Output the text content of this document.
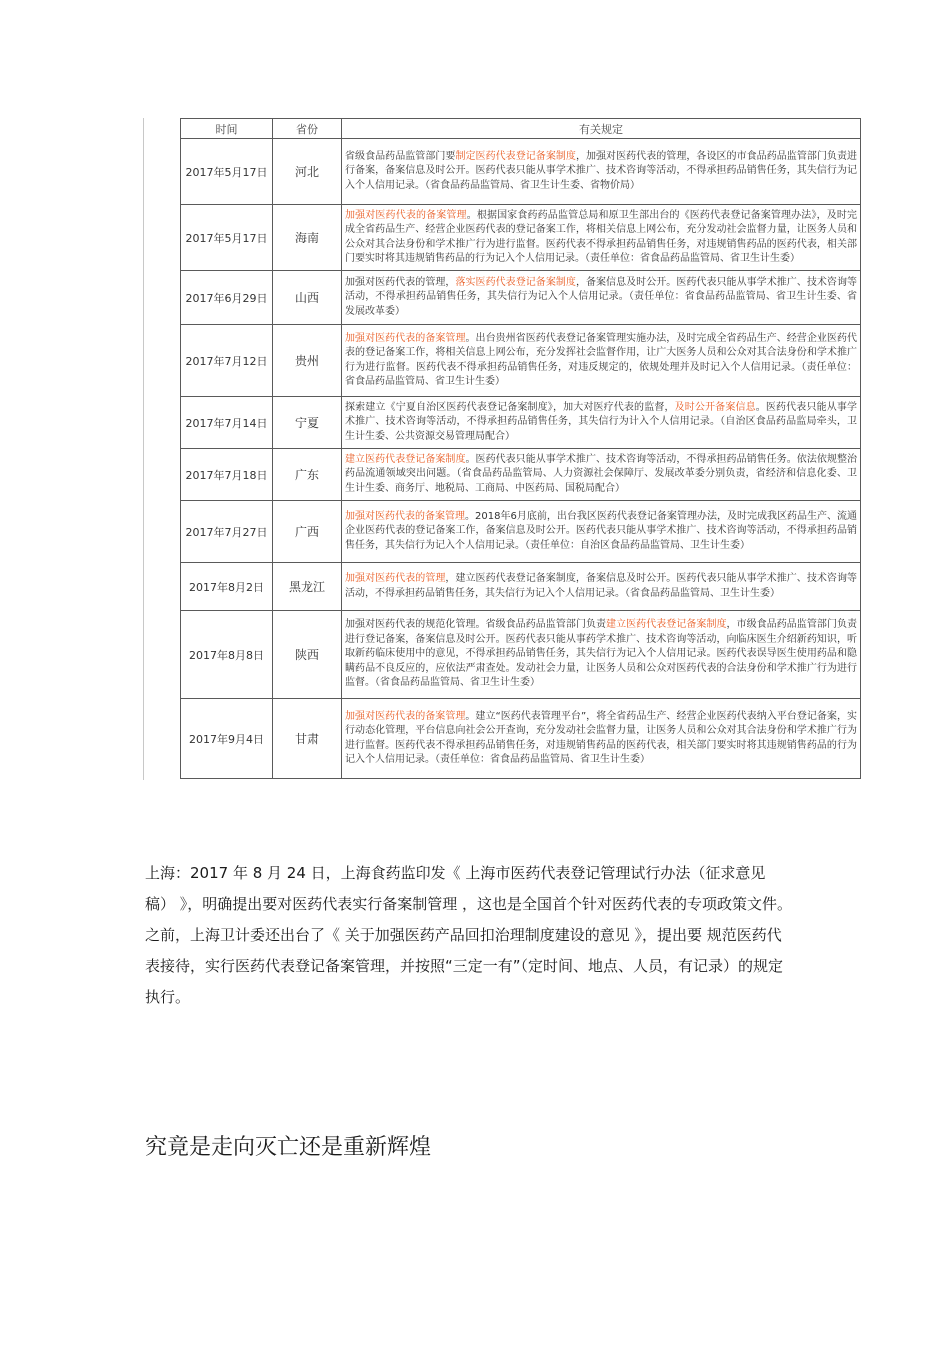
时间	省份	有关规定
2017年5月17日	河北	省级食品药品监管部门要制定医药代表登记备案制度，加强对医药代表的管理，各设区的市食品药品监管部门负责进行备案，备案信息及时公开。医药代表只能从事学术推广、技术咨询等活动，不得承担药品销售任务，其失信行为记入个人信用记录。（省食品药品监管局、省卫生计生委、省物价局）
2017年5月17日	海南	加强对医药代表的备案管理。根据国家食药药品监管总局和原卫生部出台的《医药代表登记备案管理办法》，及时完成全省药品生产、经营企业医药代表的登记备案工作，将相关信息上网公布，充分发动社会监督力量，让医务人员和公众对其合法身份和学术推广行为进行监督。医药代表不得承担药品销售任务，对违规销售药品的医药代表，相关部门要实时将其违规销售药品的行为记入个人信用记录。（责任单位：省食品药品监管局、省卫生计生委）
2017年6月29日	山西	加强对医药代表的管理，落实医药代表登记备案制度，备案信息及时公开。医药代表只能从事学术推广、技术咨询等活动，不得承担药品销售任务，其失信行为记入个人信用记录。（责任单位：省食品药品监管局、省卫生计生委、省发展改革委）
2017年7月12日	贵州	加强对医药代表的备案管理。出台贵州省医药代表登记备案管理实施办法，及时完成全省药品生产、经营企业医药代表的登记备案工作，将相关信息上网公布，充分发挥社会监督作用，让广大医务人员和公众对其合法身份和学术推广行为进行监督。医药代表不得承担药品销售任务，对违反规定的，依规处理并及时记入个人信用记录。（责任单位：省食品药品监管局、省卫生计生委）
2017年7月14日	宁夏	探索建立《宁夏自治区医药代表登记备案制度》，加大对医疗代表的监督，及时公开备案信息。医药代表只能从事学术推广、技术咨询等活动，不得承担药品销售任务，其失信行为计入个人信用记录。（自治区食品药品监局牵头，卫生计生委、公共资源交易管理局配合）
2017年7月18日	广东	建立医药代表登记备案制度。医药代表只能从事学术推广、技术咨询等活动，不得承担药品销售任务。依法依规整治药品流通领域突出问题。（省食品药品监管局、人力资源社会保障厅、发展改革委分别负责，省经济和信息化委、卫生计生委、商务厅、地税局、工商局、中医药局、国税局配合）
2017年7月27日	广西	加强对医药代表的备案管理。2018年6月底前，出台我区医药代表登记备案管理办法，及时完成我区药品生产、流通企业医药代表的登记备案工作，备案信息及时公开。医药代表只能从事学术推广、技术咨询等活动，不得承担药品销售任务，其失信行为记入个人信用记录。（责任单位：自治区食品药品监管局、卫生计生委）
2017年8月2日	黑龙江	加强对医药代表的管理，建立医药代表登记备案制度，备案信息及时公开。医药代表只能从事学术推广、技术咨询等活动，不得承担药品销售任务，其失信行为记入个人信用记录。（省食品药品监管局、卫生计生委）
2017年8月8日	陕西	加强对医药代表的规范化管理。省级食品药品监管部门负责建立医药代表登记备案制度，市级食品药品监管部门负责进行登记备案，备案信息及时公开。医药代表只能从事药学术推广、技术咨询等活动，向临床医生介绍新药知识，听取新药临床使用中的意见，不得承担药品销售任务，其失信行为记入个人信用记录。医药代表误导医生使用药品和隐瞒药品不良反应的，应依法严肃查处。发动社会力量，让医务人员和公众对医药代表的合法身份和学术推广行为进行监督。（省食品药品监管局、省卫生计生委）
2017年9月4日	甘肃	加强对医药代表的备案管理。建立“医药代表管理平台”，将全省药品生产、经营企业医药代表纳入平台登记备案，实行动态化管理，平台信息向社会公开查询，充分发动社会监督力量，让医务人员和公众对其合法身份和学术推广行为进行监督。医药代表不得承担药品销售任务，对违规销售药品的医药代表，相关部门要实时将其违规销售药品的行为记入个人信用记录。（责任单位：省食品药品监管局、省卫生计生委）
上海：2017 年 8 月 24 日，上海食药监印发《 上海市医药代表登记管理试行办法（征求意见稿） 》，明确提出要对医药代表实行备案制管理 ，这也是全国首个针对医药代表的专项政策文件。之前，上海卫计委还出台了《 关于加强医药产品回扣治理制度建设的意见 》，提出要 规范医药代表接待，实行医药代表登记备案管理，并按照“三定一有”（定时间、地点、人员，有记录）的规定执行。
究竟是走向灭亡还是重新辉煌
